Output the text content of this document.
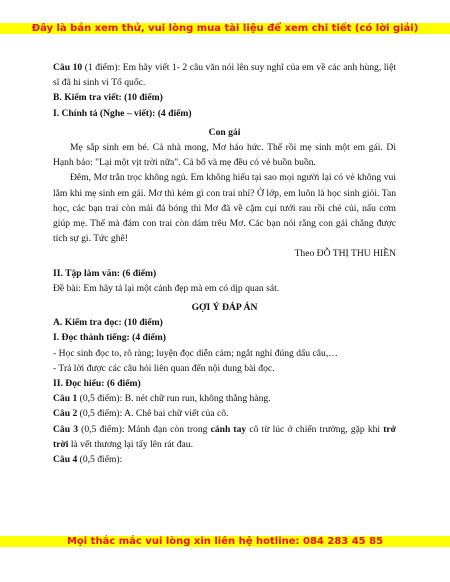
Đây là bản xem thử, vui lòng mua tài liệu để xem chi tiết (có lời giải)

Câu 10 (1 điểm): Em hãy viết 1- 2 câu văn nói lên suy nghĩ của em về các anh hùng, liệt sĩ đã hi sinh vì Tổ quốc.

B. Kiểm tra viết: (10 điểm)

I. Chính tả (Nghe – viết): (4 điểm)

Con gái

Mẹ sắp sinh em bé. Cả nhà mong, Mơ háo hức. Thế rồi mẹ sinh một em gái. Dì Hạnh bảo: "Lại một vịt trời nữa". Cả bố và mẹ đều có vẻ buồn buồn.

Đêm, Mơ trằn trọc không ngủ. Em không hiểu tại sao mọi người lại có vẻ không vui lắm khi mẹ sinh em gái. Mơ thì kém gì con trai nhỉ? Ở lớp, em luôn là học sinh giỏi. Tan học, các bạn trai còn mải đá bóng thì Mơ đã về cặm cụi tưới rau rồi chẻ củi, nấu cơm giúp mẹ. Thế mà đám con trai còn dám trêu Mơ. Các bạn nói rằng con gái chẳng được tích sự gì. Tức ghê!

Theo ĐỖ THỊ THU HIỀN

II. Tập làm văn: (6 điểm)

Đề bài: Em hãy tả lại một cảnh đẹp mà em có dịp quan sát.

GỢI Ý ĐÁP ÁN

A. Kiểm tra đọc: (10 điểm)

I. Đọc thành tiếng: (4 điểm)

- Học sinh đọc to, rõ ràng; luyện đọc diễn cảm; ngắt nghỉ đúng dấu câu,…

- Trả lời được các câu hỏi liên quan đến nội dung bài đọc.

II. Đọc hiểu: (6 điểm)

Câu 1 (0,5 điểm): B. nét chữ run run, không thẳng hàng.

Câu 2 (0,5 điểm): A. Chê bai chữ viết của cô.

Câu 3 (0,5 điểm): Mảnh đạn còn trong cánh tay cô từ lúc ở chiến trường, gặp khi trở trời là vết thương lại tấy lên rát đau.

Câu 4 (0,5 điểm):

Mọi thắc mắc vui lòng xin liên hệ hotline: 084 283 45 85
